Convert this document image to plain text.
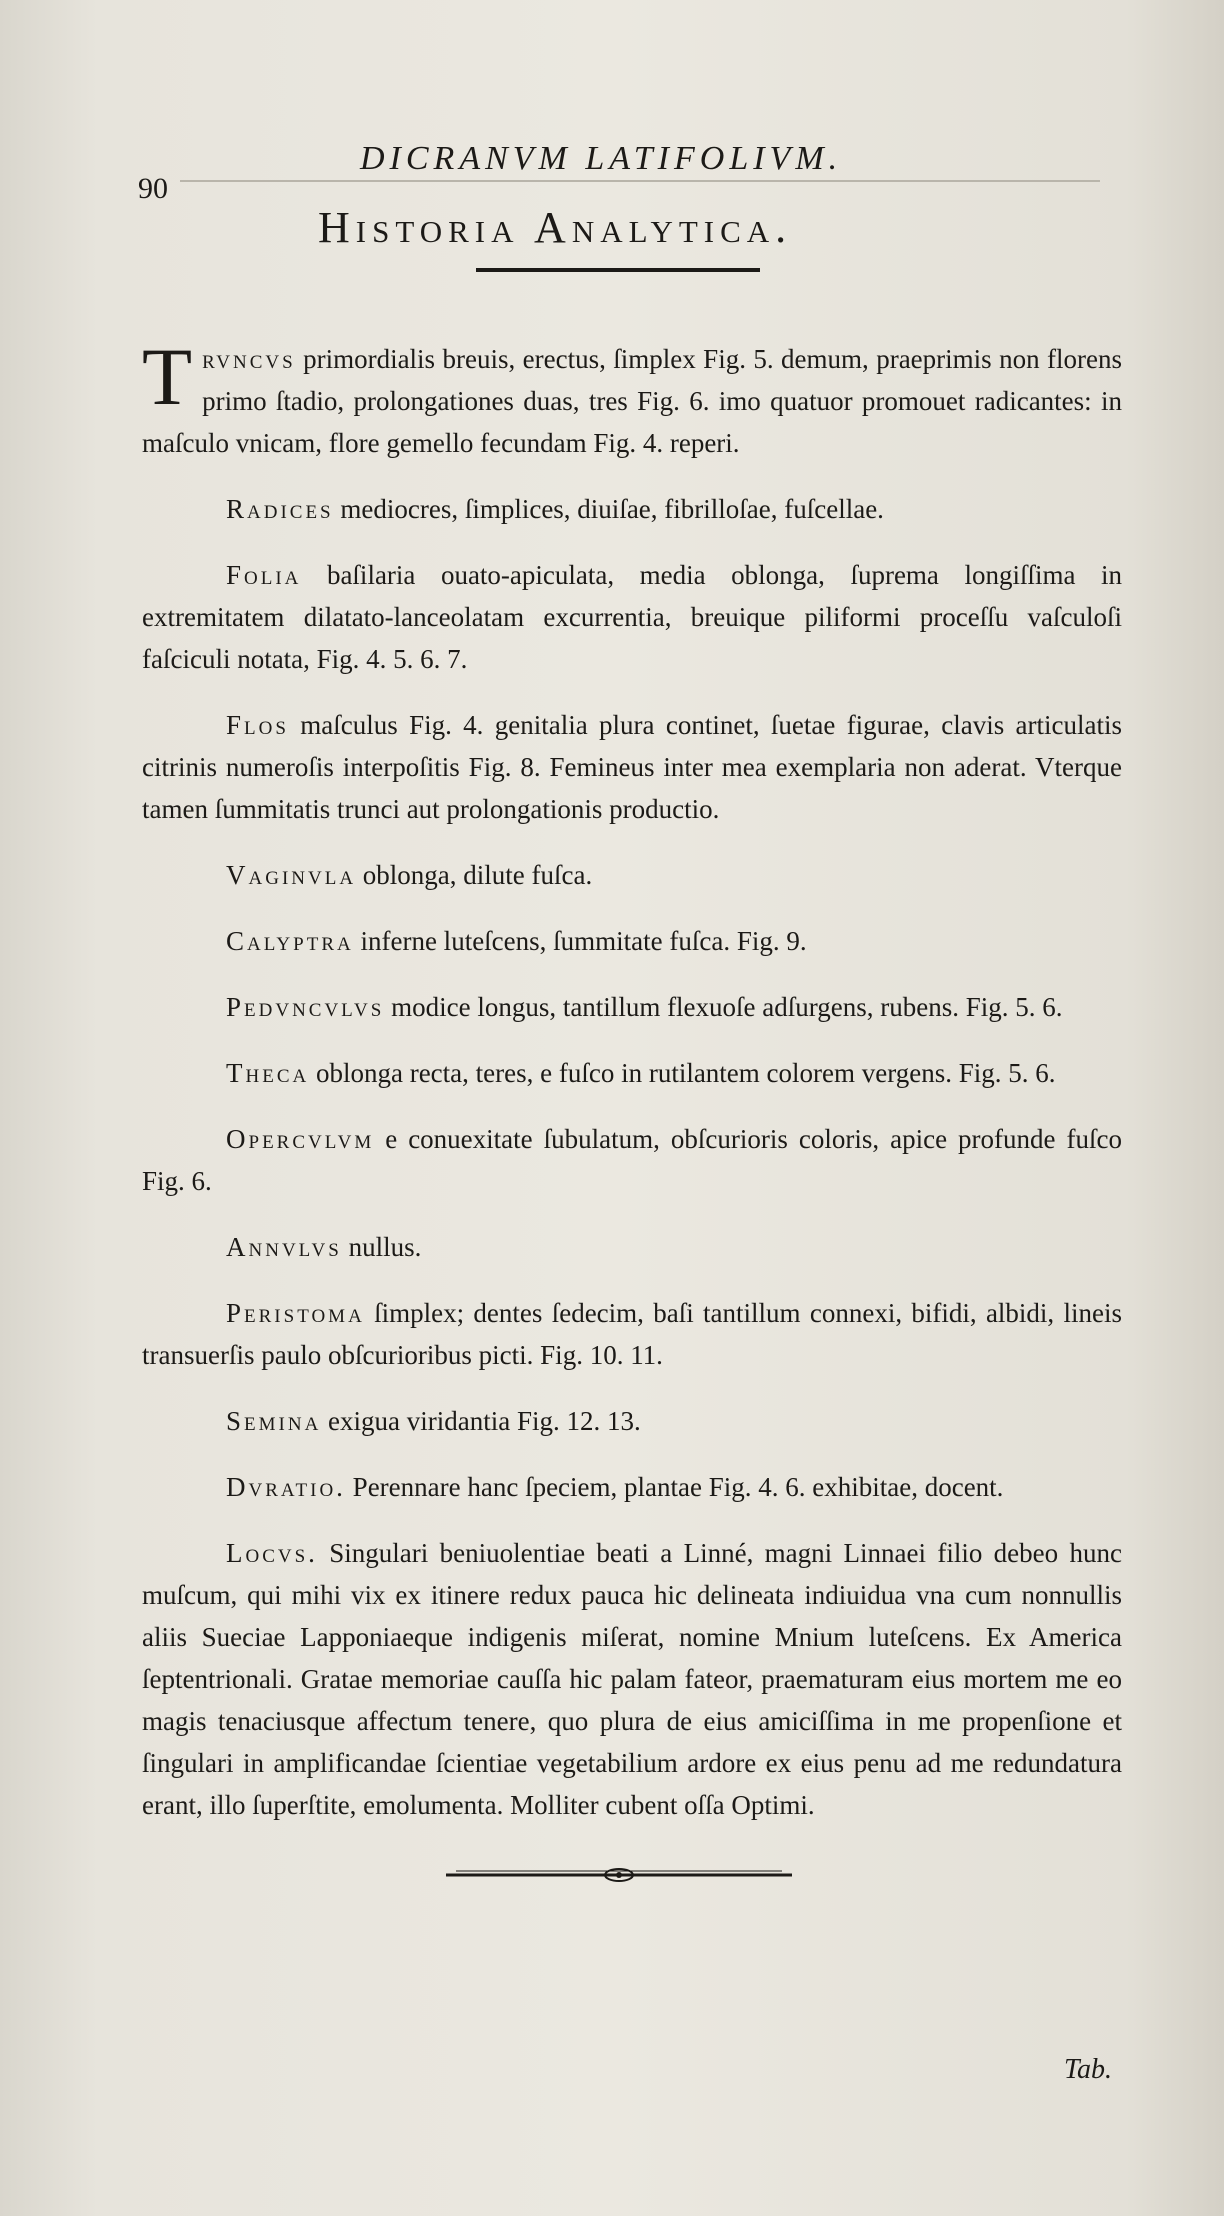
90
DICRANVM LATIFOLIVM.
Historia Analytica.

Trvncvs primordialis breuis, erectus, ſimplex Fig. 5. demum, praeprimis non florens primo ſtadio, prolongationes duas, tres Fig. 6. imo quatuor promouet radicantes: in maſculo vnicam, flore gemello fecundam Fig. 4. reperi.

Radices mediocres, ſimplices, diuiſae, fibrilloſae, fuſcellae.

Folia baſilaria ouato-apiculata, media oblonga, ſuprema longiſſima in extremitatem dilatato-lanceolatam excurrentia, breuique piliformi proceſſu vaſculoſi faſciculi notata, Fig. 4. 5. 6. 7.

Flos maſculus Fig. 4. genitalia plura continet, ſuetae figurae, clavis articulatis citrinis numeroſis interpoſitis Fig. 8. Femineus inter mea exemplaria non aderat. Vterque tamen ſummitatis trunci aut prolongationis productio.

Vaginvla oblonga, dilute fuſca.

Calyptra inferne luteſcens, ſummitate fuſca. Fig. 9.

Pedvncvlvs modice longus, tantillum flexuoſe adſurgens, rubens. Fig. 5. 6.

Theca oblonga recta, teres, e fuſco in rutilantem colorem vergens. Fig. 5. 6.

Opercvlvm e conuexitate ſubulatum, obſcurioris coloris, apice profunde fuſco Fig. 6.

Annvlvs nullus.

Peristoma ſimplex; dentes ſedecim, baſi tantillum connexi, bifidi, albidi, lineis transuerſis paulo obſcurioribus picti. Fig. 10. 11.

Semina exigua viridantia Fig. 12. 13.

Dvratio. Perennare hanc ſpeciem, plantae Fig. 4. 6. exhibitae, docent.

Locvs. Singulari beniuolentiae beati a Linné, magni Linnaei filio debeo hunc muſcum, qui mihi vix ex itinere redux pauca hic delineata indiuidua vna cum nonnullis aliis Sueciae Lapponiaeque indigenis miſerat, nomine Mnium luteſcens. Ex America ſeptentrionali. Gratae memoriae cauſſa hic palam fateor, praematuram eius mortem me eo magis tenaciusque affectum tenere, quo plura de eius amiciſſima in me propenſione et ſingulari in amplificandae ſcientiae vegetabilium ardore ex eius penu ad me redundatura erant, illo ſuperſtite, emolumenta. Molliter cubent oſſa Optimi.

Tab.
